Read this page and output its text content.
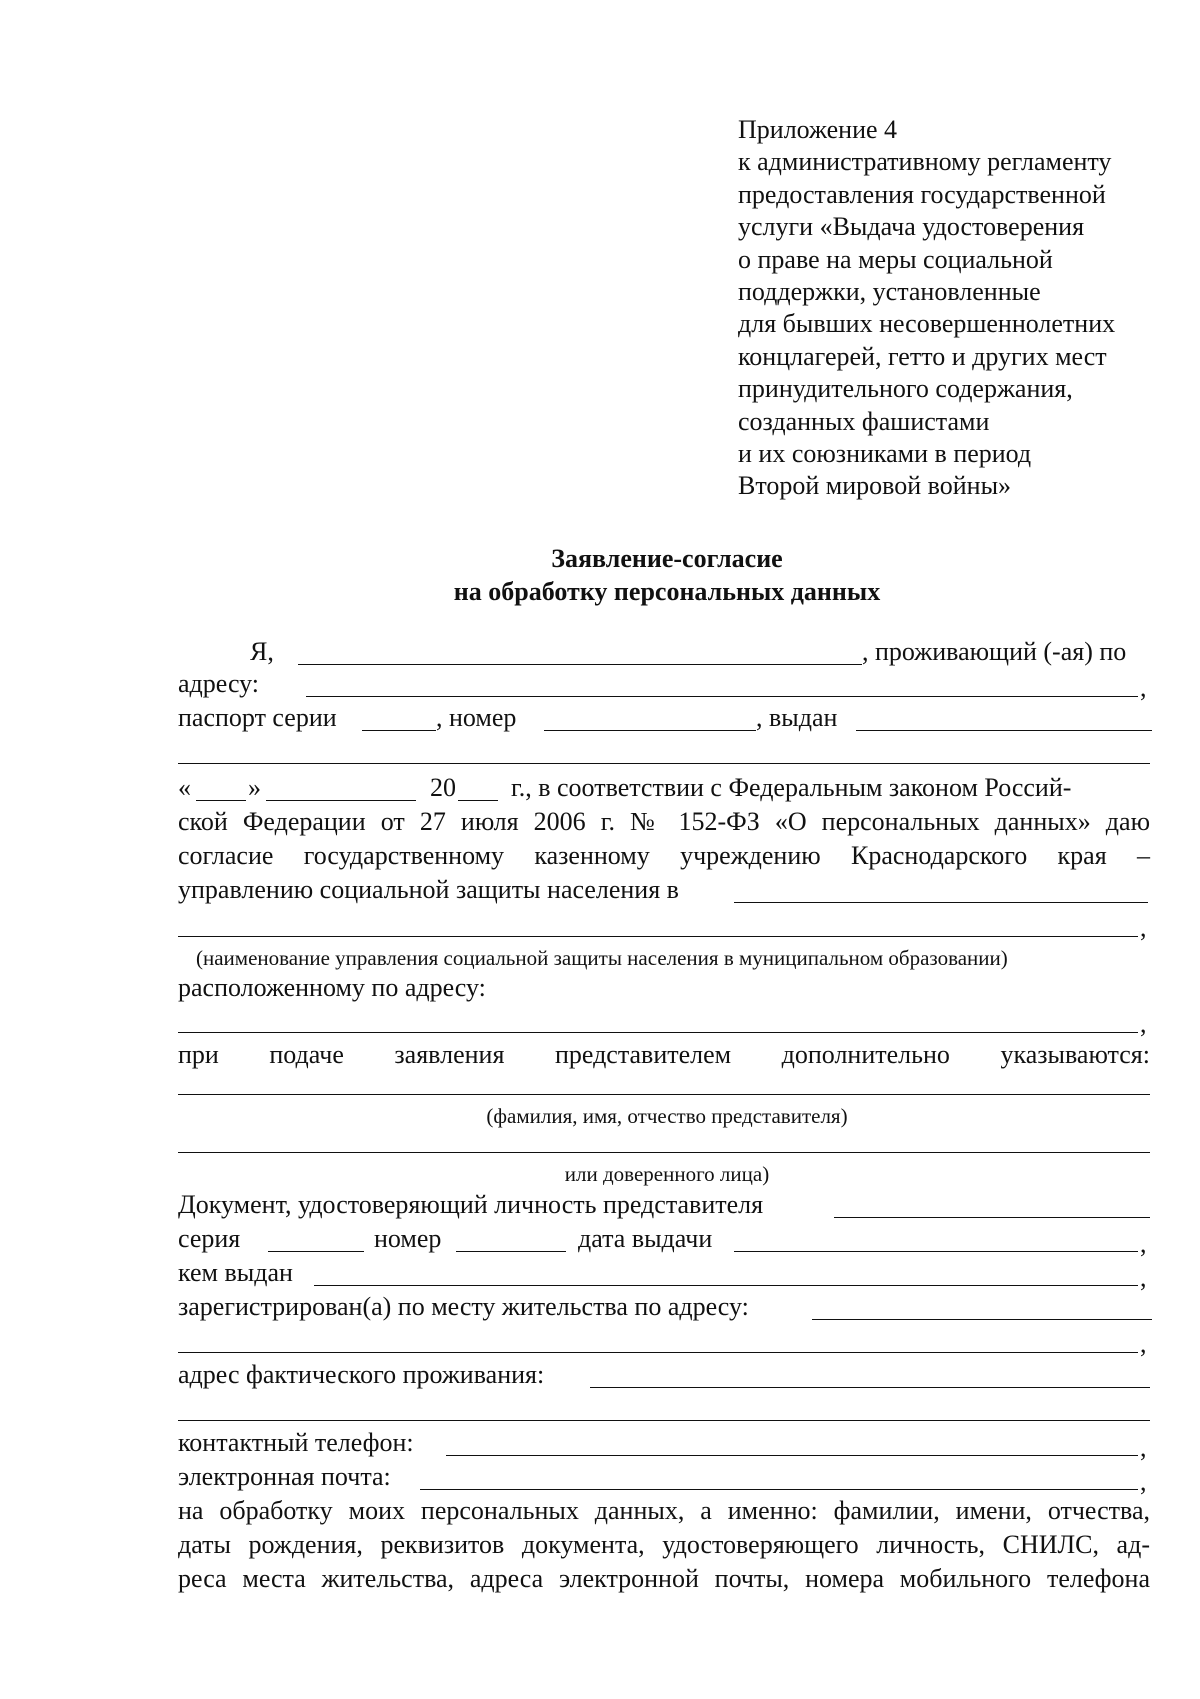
Приложение 4
к административному регламенту
предоставления государственной
услуги «Выдача удостоверения
о праве на меры социальной
поддержки, установленные
для бывших несовершеннолетних
концлагерей, гетто и других мест
принудительного содержания,
созданных фашистами
и их союзниками в период
Второй мировой войны»
Заявление-согласие
на обработку персональных данных
Я,	, проживающий (-ая) по
адресу:	,
паспорт серии	, номер	, выдан
« »	20 г., в соответствии с Федеральным законом Россий-
ской Федерации от 27 июля 2006 г. № 152-ФЗ «О персональных данных» даю
согласие государственному казенному учреждению Краснодарского края –
управлению социальной защиты населения в
,
(наименование управления социальной защиты населения в муниципальном образовании)
расположенному по адресу:
,
при подаче заявления представителем дополнительно указываются:
(фамилия, имя, отчество представителя)
или доверенного лица)
Документ, удостоверяющий личность представителя
серия	номер	дата выдачи	,
кем выдан	,
зарегистрирован(а) по месту жительства по адресу:
,
адрес фактического проживания:
контактный телефон:	,
электронная почта:	,
на обработку моих персональных данных, а именно: фамилии, имени, отчества,
даты рождения, реквизитов документа, удостоверяющего личность, СНИЛС, ад-
реса места жительства, адреса электронной почты, номера мобильного телефона
